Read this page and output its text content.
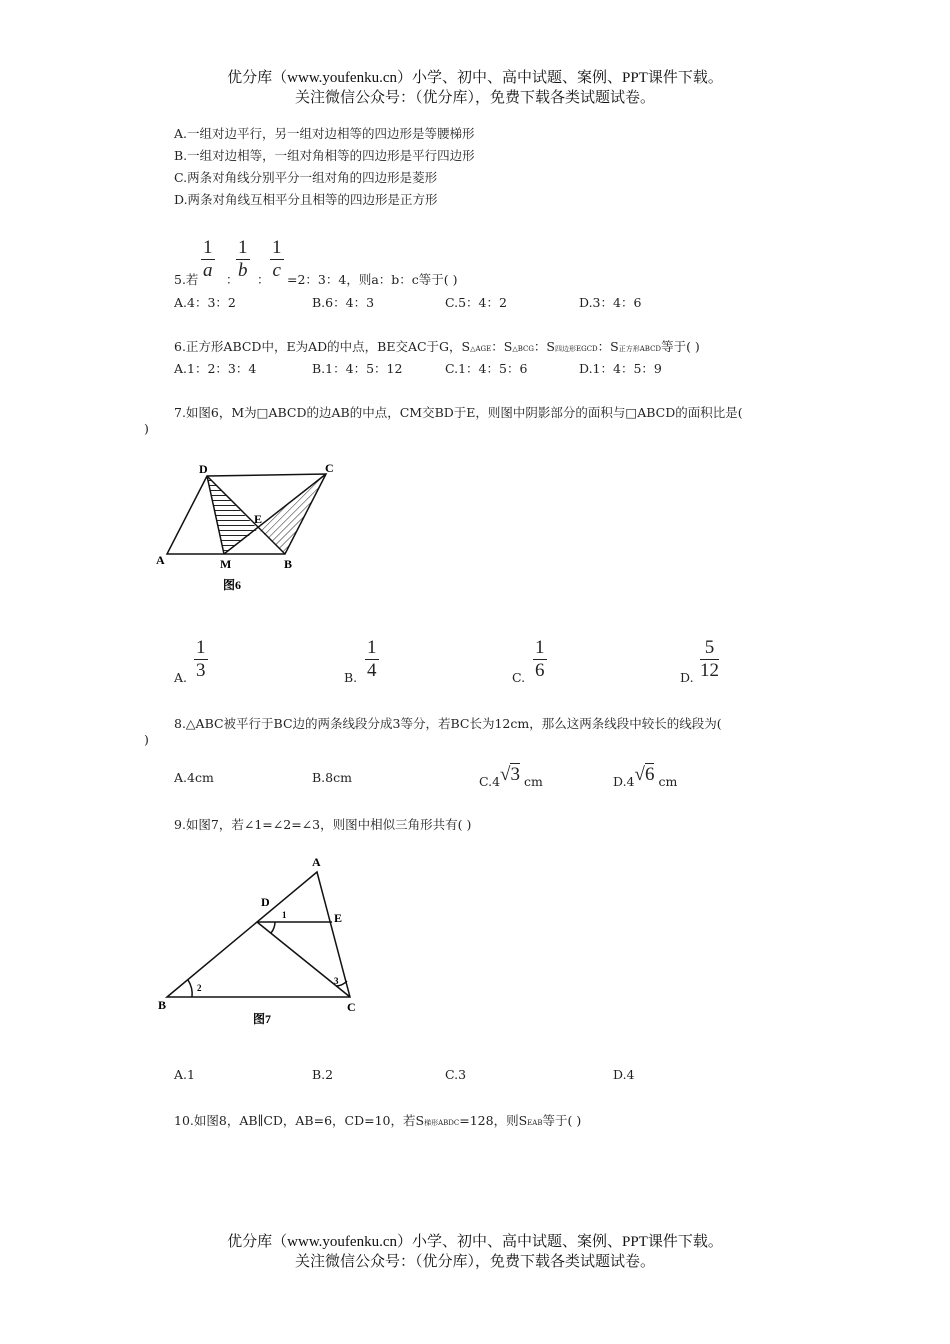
优分库（www.youfenku.cn）小学、初中、高中试题、案例、PPT课件下载。
关注微信公众号：（优分库），免费下载各类试题试卷。
A.一组对边平行，另一组对边相等的四边形是等腰梯形
B.一组对边相等，一组对角相等的四边形是平行四边形
C.两条对角线分别平分一组对角的四边形是菱形
D.两条对角线互相平分且相等的四边形是正方形
$\frac{1}{a}$ ：
$\frac{1}{b}$ ： $\frac{1}{c}$
5.若	=2：3：4，则a：b：c等于( )
A.4：3：2	B.6：4：3	C.5：4：2	D.3：4：6
6.正方形ABCD中，E为AD的中点，BE交AC于G，S△AGE：S△BCG：S四边形EGCD：S正方形ABCD等于( )
A.1：2：3：4	B.1：4：5：12	C.1：4：5：6	D.1：4：5：9
7.如图6，M为□ABCD的边AB的中点，CM交BD于E，则图中阴影部分的面积与□ABCD的面积比是(
)
D	C
E
A	M	B
图6
A. $\frac{1}{3}$	B. $\frac{1}{4}$	C. $\frac{1}{6}$	D. $\frac{5}{12}$
8.△ABC被平行于BC边的两条线段分成3等分，若BC长为12cm，那么这两条线段中较长的线段为(
)
A.4cm	B.8cm	C.4√3 cm	D.4√6 cm
9.如图7，若∠1=∠2=∠3，则图中相似三角形共有( )
A
D
E
B	C
1
2
3
图7
A.1	B.2	C.3	D.4
10.如图8，AB∥CD，AB=6，CD=10，若S梯形ABDC=128，则SEAB等于( )
优分库（www.youfenku.cn）小学、初中、高中试题、案例、PPT课件下载。
关注微信公众号：（优分库），免费下载各类试题试卷。
